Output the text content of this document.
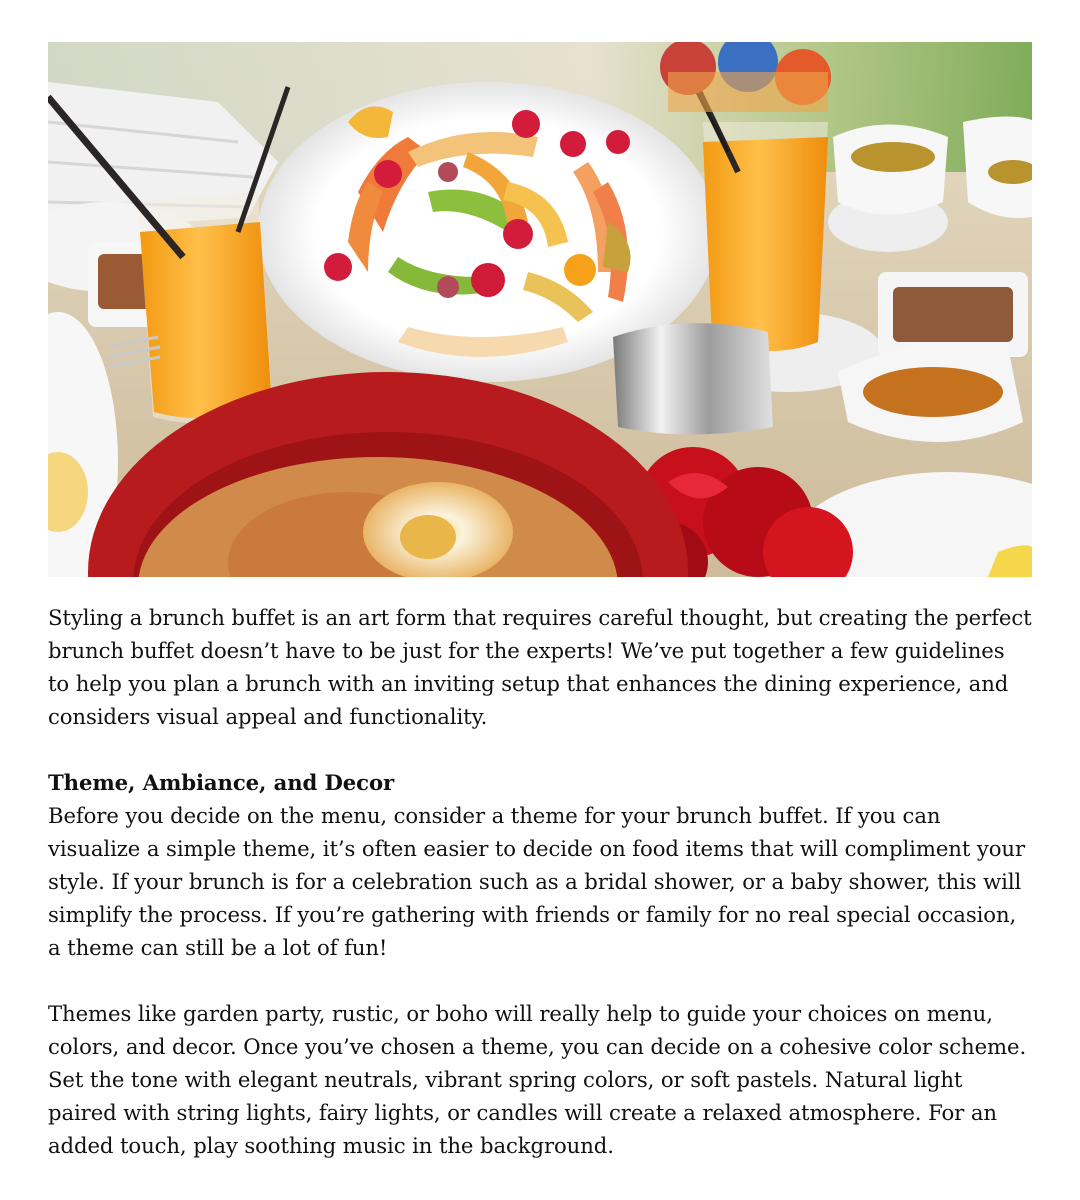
Styling a brunch buffet is an art form that requires careful thought, but creating the perfect brunch buffet doesn’t have to be just for the experts! We’ve put together a few guidelines to help you plan a brunch with an inviting setup that enhances the dining experience, and considers visual appeal and functionality.

Theme, Ambiance, and Decor

Before you decide on the menu, consider a theme for your brunch buffet. If you can visualize a simple theme, it’s often easier to decide on food items that will compliment your style. If your brunch is for a celebration such as a bridal shower, or a baby shower, this will simplify the process. If you’re gathering with friends or family for no real special occasion, a theme can still be a lot of fun!

Themes like garden party, rustic, or boho will really help to guide your choices on menu, colors, and decor. Once you’ve chosen a theme, you can decide on a cohesive color scheme. Set the tone with elegant neutrals, vibrant spring colors, or soft pastels. Natural light paired with string lights, fairy lights, or candles will create a relaxed atmosphere. For an added touch, play soothing music in the background.
